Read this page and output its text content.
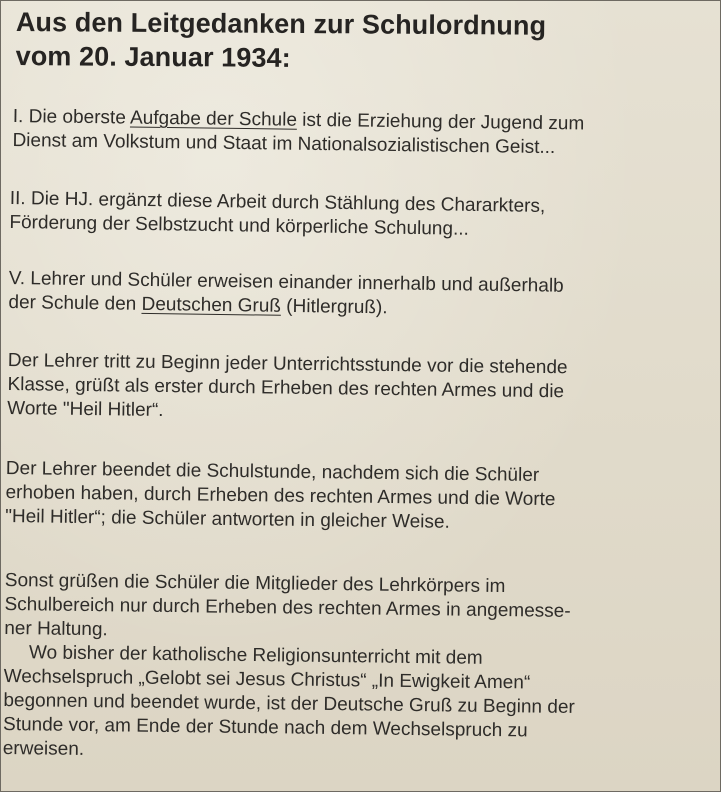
Aus den Leitgedanken zur Schulordnung
vom 20. Januar 1934:

I. Die oberste Aufgabe der Schule ist die Erziehung der Jugend zum
Dienst am Volkstum und Staat im Nationalsozialistischen Geist...

II. Die HJ. ergänzt diese Arbeit durch Stählung des Chararkters,
Förderung der Selbstzucht und körperliche Schulung...

V. Lehrer und Schüler erweisen einander innerhalb und außerhalb
der Schule den Deutschen Gruß (Hitlergruß).

Der Lehrer tritt zu Beginn jeder Unterrichtsstunde vor die stehende
Klasse, grüßt als erster durch Erheben des rechten Armes und die
Worte "Heil Hitler“.

Der Lehrer beendet die Schulstunde, nachdem sich die Schüler
erhoben haben, durch Erheben des rechten Armes und die Worte
"Heil Hitler“; die Schüler antworten in gleicher Weise.

Sonst grüßen die Schüler die Mitglieder des Lehrkörpers im
Schulbereich nur durch Erheben des rechten Armes in angemesse-
ner Haltung.
Wo bisher der katholische Religionsunterricht mit dem
Wechselspruch „Gelobt sei Jesus Christus“ „In Ewigkeit Amen“
begonnen und beendet wurde, ist der Deutsche Gruß zu Beginn der
Stunde vor, am Ende der Stunde nach dem Wechselspruch zu
erweisen.
